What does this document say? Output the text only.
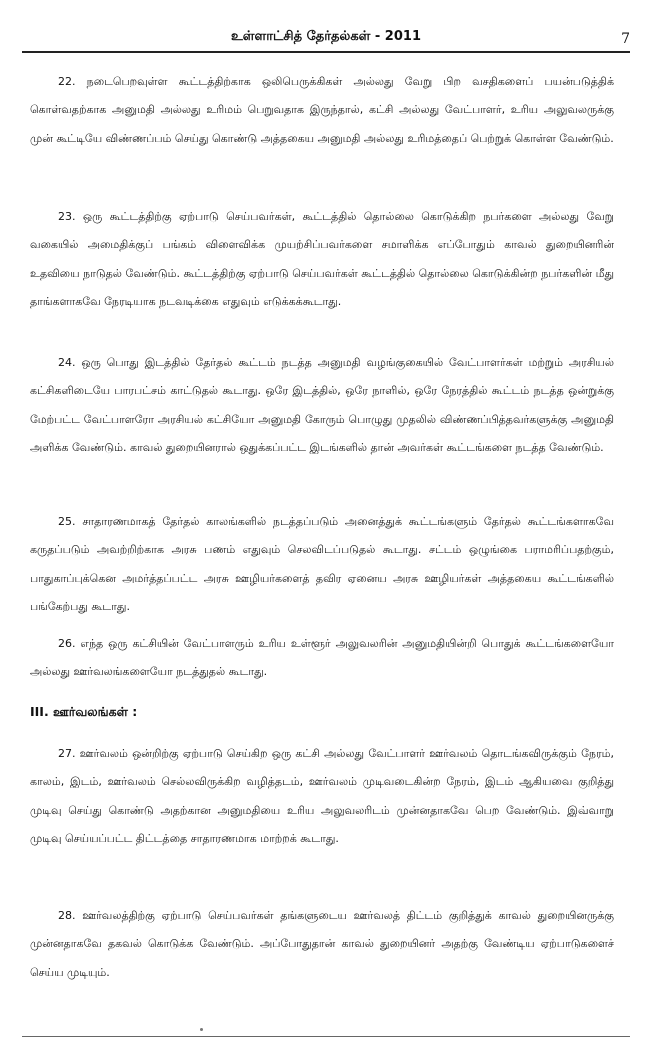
உள்ளாட்சித் தேர்தல்கள் - 2011	7

22. நடைபெறவுள்ள கூட்டத்திற்காக ஒலிபெருக்கிகள் அல்லது வேறு பிற வசதிகளைப் பயன்படுத்திக் கொள்வதற்காக அனுமதி அல்லது உரிமம் பெறுவதாக இருந்தால், கட்சி அல்லது வேட்பாளர், உரிய அலுவலருக்கு முன் கூட்டியே விண்ணப்பம் செய்து கொண்டு அத்தகைய அனுமதி அல்லது உரிமத்தைப் பெற்றுக் கொள்ள வேண்டும்.

23. ஒரு கூட்டத்திற்கு ஏற்பாடு செய்பவர்கள், கூட்டத்தில் தொல்லை கொடுக்கிற நபர்களை அல்லது வேறு வகையில் அமைதிக்குப் பங்கம் விளைவிக்க முயற்சிப்பவர்களை சமாளிக்க எப்போதும் காவல் துறையினரின் உதவியை நாடுதல் வேண்டும். கூட்டத்திற்கு ஏற்பாடு செய்பவர்கள் கூட்டத்தில் தொல்லை கொடுக்கின்ற நபர்களின் மீது தாங்களாகவே நேரடியாக நடவடிக்கை எதுவும் எடுக்கக்கூடாது.

24. ஒரு பொது இடத்தில் தேர்தல் கூட்டம் நடத்த அனுமதி வழங்குகையில் வேட்பாளர்கள் மற்றும் அரசியல் கட்சிகளிடையே பாரபட்சம் காட்டுதல் கூடாது. ஒரே இடத்தில், ஒரே நாளில், ஒரே நேரத்தில் கூட்டம் நடத்த ஒன்றுக்கு மேற்பட்ட வேட்பாளரோ அரசியல் கட்சியோ அனுமதி கோரும் பொழுது முதலில் விண்ணப்பித்தவர்களுக்கு அனுமதி அளிக்க வேண்டும். காவல் துறையினரால் ஒதுக்கப்பட்ட இடங்களில் தான் அவர்கள் கூட்டங்களை நடத்த வேண்டும்.

25. சாதாரணமாகத் தேர்தல் காலங்களில் நடத்தப்படும் அனைத்துக் கூட்டங்களும் தேர்தல் கூட்டங்களாகவே கருதப்படும் அவற்றிற்காக அரசு பணம் எதுவும் செலவிடப்படுதல் கூடாது. சட்டம் ஒழுங்கை பராமரிப்பதற்கும், பாதுகாப்புக்கென அமர்த்தப்பட்ட அரசு ஊழியர்களைத் தவிர ஏனைய அரசு ஊழியர்கள் அத்தகைய கூட்டங்களில் பங்கேற்பது கூடாது.

26. எந்த ஒரு கட்சியின் வேட்பாளரும் உரிய உள்ளூர் அலுவலரின் அனுமதியின்றி பொதுக் கூட்டங்களையோ அல்லது ஊர்வலங்களையோ நடத்துதல் கூடாது.

III. ஊர்வலங்கள் :

27. ஊர்வலம் ஒன்றிற்கு ஏற்பாடு செய்கிற ஒரு கட்சி அல்லது வேட்பாளர் ஊர்வலம் தொடங்கவிருக்கும் நேரம், காலம், இடம், ஊர்வலம் செல்லவிருக்கிற வழித்தடம், ஊர்வலம் முடிவடைகின்ற நேரம், இடம் ஆகியவை குறித்து முடிவு செய்து கொண்டு அதற்கான அனுமதியை உரிய அலுவலரிடம் முன்னதாகவே பெற வேண்டும். இவ்வாறு முடிவு செய்யப்பட்ட திட்டத்தை சாதாரணமாக மாற்றக் கூடாது.

28. ஊர்வலத்திற்கு ஏற்பாடு செய்பவர்கள் தங்களுடைய ஊர்வலத் திட்டம் குறித்துக் காவல் துறையினருக்கு முன்னதாகவே தகவல் கொடுக்க வேண்டும். அப்போதுதான் காவல் துறையினர் அதற்கு வேண்டிய ஏற்பாடுகளைச் செய்ய முடியும்.
